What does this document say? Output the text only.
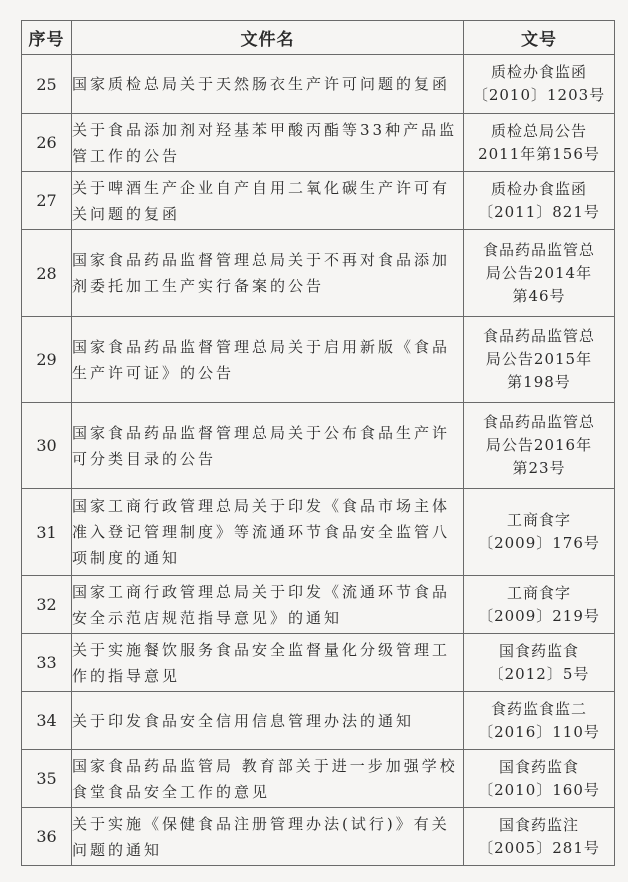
序号	文件名	文号
25	国家质检总局关于天然肠衣生产许可问题的复函	质检办食监函
〔2010〕1203号

26	关于食品添加剂对羟基苯甲酸丙酯等33种产品监管工作的公告	质检总局公告
2011年第156号

27	关于啤酒生产企业自产自用二氧化碳生产许可有关问题的复函	质检办食监函
〔2011〕821号

28	国家食品药品监督管理总局关于不再对食品添加剂委托加工生产实行备案的公告	食品药品监管总
局公告2014年
第46号

29	国家食品药品监督管理总局关于启用新版《食品生产许可证》的公告	食品药品监管总
局公告2015年
第198号

30	国家食品药品监督管理总局关于公布食品生产许可分类目录的公告	食品药品监管总
局公告2016年
第23号

31	国家工商行政管理总局关于印发《食品市场主体准入登记管理制度》等流通环节食品安全监管八项制度的通知	工商食字
〔2009〕176号

32	国家工商行政管理总局关于印发《流通环节食品安全示范店规范指导意见》的通知	工商食字
〔2009〕219号

33	关于实施餐饮服务食品安全监督量化分级管理工作的指导意见	国食药监食
〔2012〕5号

34	关于印发食品安全信用信息管理办法的通知	食药监食监二
〔2016〕110号

35	国家食品药品监管局 教育部关于进一步加强学校食堂食品安全工作的意见	国食药监食
〔2010〕160号

36	关于实施《保健食品注册管理办法(试行)》有关问题的通知	国食药监注
〔2005〕281号
